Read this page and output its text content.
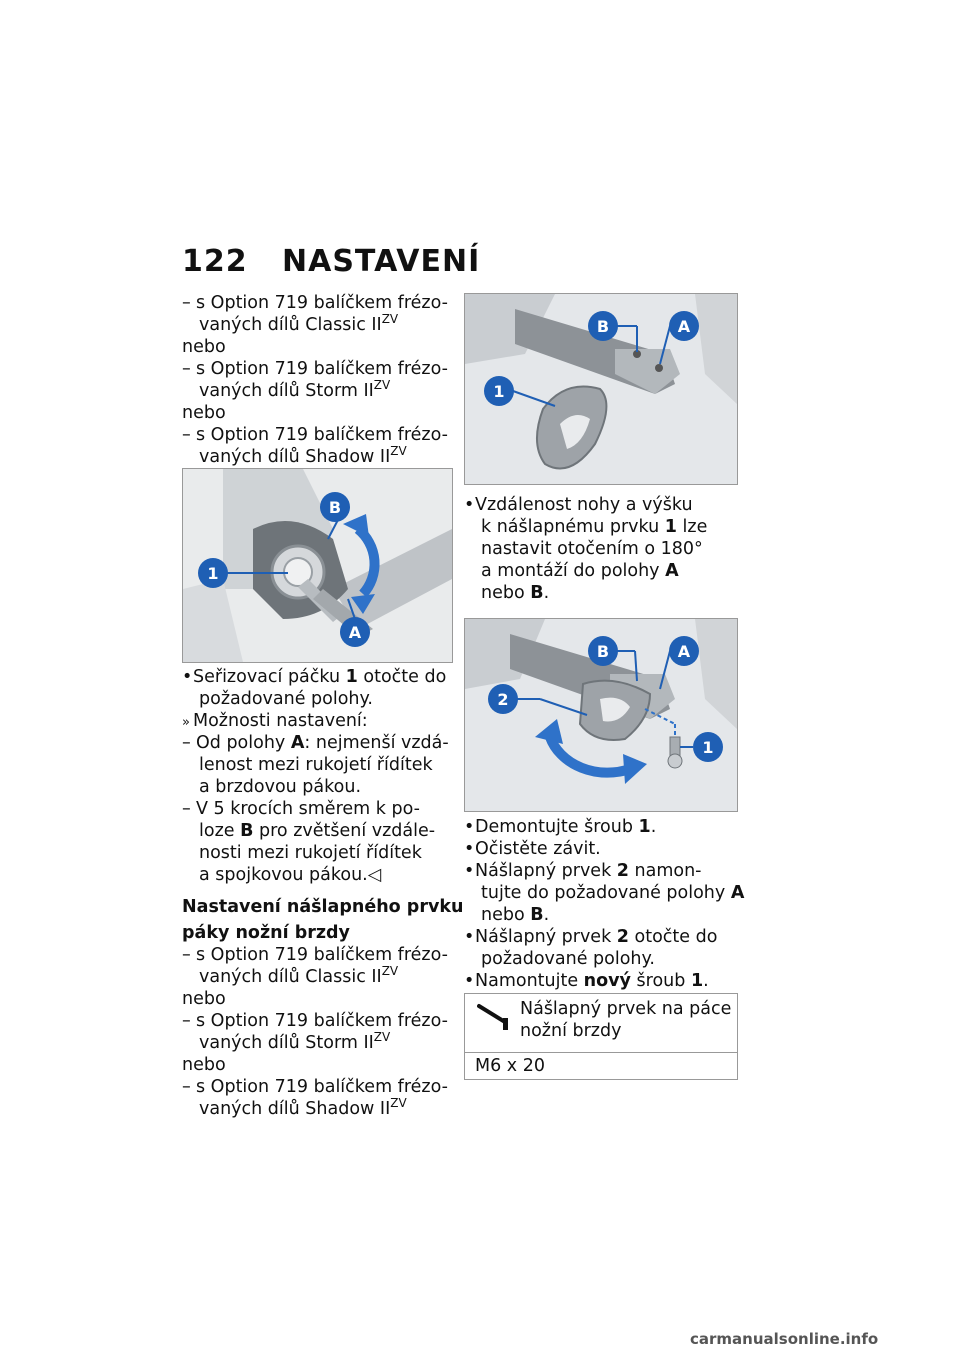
122 NASTAVENÍ
– s Option 719 balíčkem frézo-
vaných dílů Classic $II^{ZV}$
nebo
– s Option 719 balíčkem frézo-
vaných dílů Storm $II^{ZV}$
nebo
– s Option 719 balíčkem frézo-
vaných dílů Shadow $II^{ZV}$
1
B
A
• Seřizovací páčku 1 otočte do
požadované polohy.
» Možnosti nastavení:
– Od polohy A: nejmenší vzdá-
lenost mezi rukojetí řídítek
a brzdovou pákou.
– V 5 krocích směrem k po-
loze B pro zvětšení vzdále-
nosti mezi rukojetí řídítek
a spojkovou pákou.◁
Nastavení nášlapného prvku
páky nožní brzdy
– s Option 719 balíčkem frézo-
vaných dílů Classic $II^{ZV}$
nebo
– s Option 719 balíčkem frézo-
vaných dílů Storm $II^{ZV}$
nebo
– s Option 719 balíčkem frézo-
vaných dílů Shadow $II^{ZV}$
1
B	A
• Vzdálenost nohy a výšku
k nášlapnému prvku 1 lze
nastavit otočením o 180°
a montáží do polohy A
nebo B.
2
B	A
1
• Demontujte šroub 1.
• Očistěte závit.
• Nášlapný prvek 2 namon-
tujte do požadované polohy A
nebo B.
• Nášlapný prvek 2 otočte do
požadované polohy.
• Namontujte nový šroub 1.
Nášlapný prvek na páce
nožní brzdy
M6 x 20
carmanualsonline.info
